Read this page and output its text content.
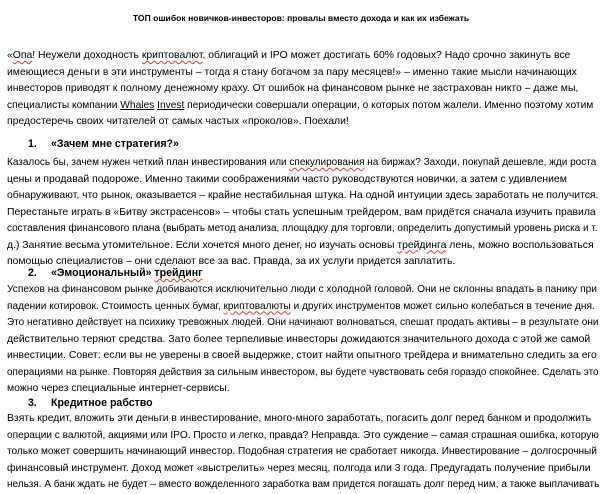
ТОП ошибок новичков-инвесторов: провалы вместо дохода и как их избежать
«Опа! Неужели доходность криптовалют, облигаций и IPO может достигать 60% годовых? Надо срочно закинуть все
имеющиеся деньги в эти инструменты – тогда я стану богачом за пару месяцев!» – именно такие мысли начинающих
инвесторов приводят к полному денежному краху. От ошибок на финансовом рынке не застрахован никто – даже мы,
специалисты компании Whales Invest периодически совершали операции, о которых потом жалели. Именно поэтому хотим
предостеречь своих читателей от самых частых «проколов». Поехали!
1. «Зачем мне стратегия?»
Казалось бы, зачем нужен четкий план инвестирования или спекулирования на биржах? Заходи, покупай дешевле, жди роста
цены и продавай подороже. Именно такими соображениями часто руководствуются новички, а затем с удивлением
обнаруживают, что рынок, оказывается – крайне нестабильная штука. На одной интуиции здесь заработать не получится.
Перестаньте играть в «Битву экстрасенсов» – чтобы стать успешным трейдером, вам придётся сначала изучить правила
составления финансового плана (выбрать метод анализа, площадку для торговли, определить допустимый уровень риска и т.
д.) Занятие весьма утомительное. Если хочется много денег, но изучать основы трейдинга лень, можно воспользоваться
помощью специалистов – они сделают все за вас. Правда, за их услуги придется заплатить.
2. «Эмоциональный» трейдинг
Успехов на финансовом рынке добиваются исключительно люди с холодной головой. Они не склонны впадать в панику при
падении котировок. Стоимость ценных бумаг, криптовалюты и других инструментов может сильно колебаться в течение дня.
Это негативно действует на психику тревожных людей. Они начинают волноваться, спешат продать активы – в результате они
действительно теряют средства. Зато более терпеливые инвесторы дожидаются значительного дохода с этой же самой
инвестиции. Совет: если вы не уверены в своей выдержке, стоит найти опытного трейдера и внимательно следить за его
операциями на рынке. Повторяя действия за сильным инвестором, вы будете чувствовать себя гораздо спокойнее. Сделать это
можно через специальные интернет-сервисы.
3. Кредитное рабство
Взять кредит, вложить эти деньги в инвестирование, много-много заработать, погасить долг перед банком и продолжить
операции с валютой, акциями или IPO. Просто и легко, правда? Неправда. Это суждение – самая страшная ошибка, которую
только может совершить начинающий инвестор. Подобная стратегия не сработает никогда. Инвестирование – долгосрочный
финансовый инструмент. Доход может «выстрелить» через месяц, полгода или 3 года. Предугадать получение прибыли
нельзя. А банк ждать не будет – вместо вожделенного заработка вам придется погашать долг перед ним, а также выплачивать
